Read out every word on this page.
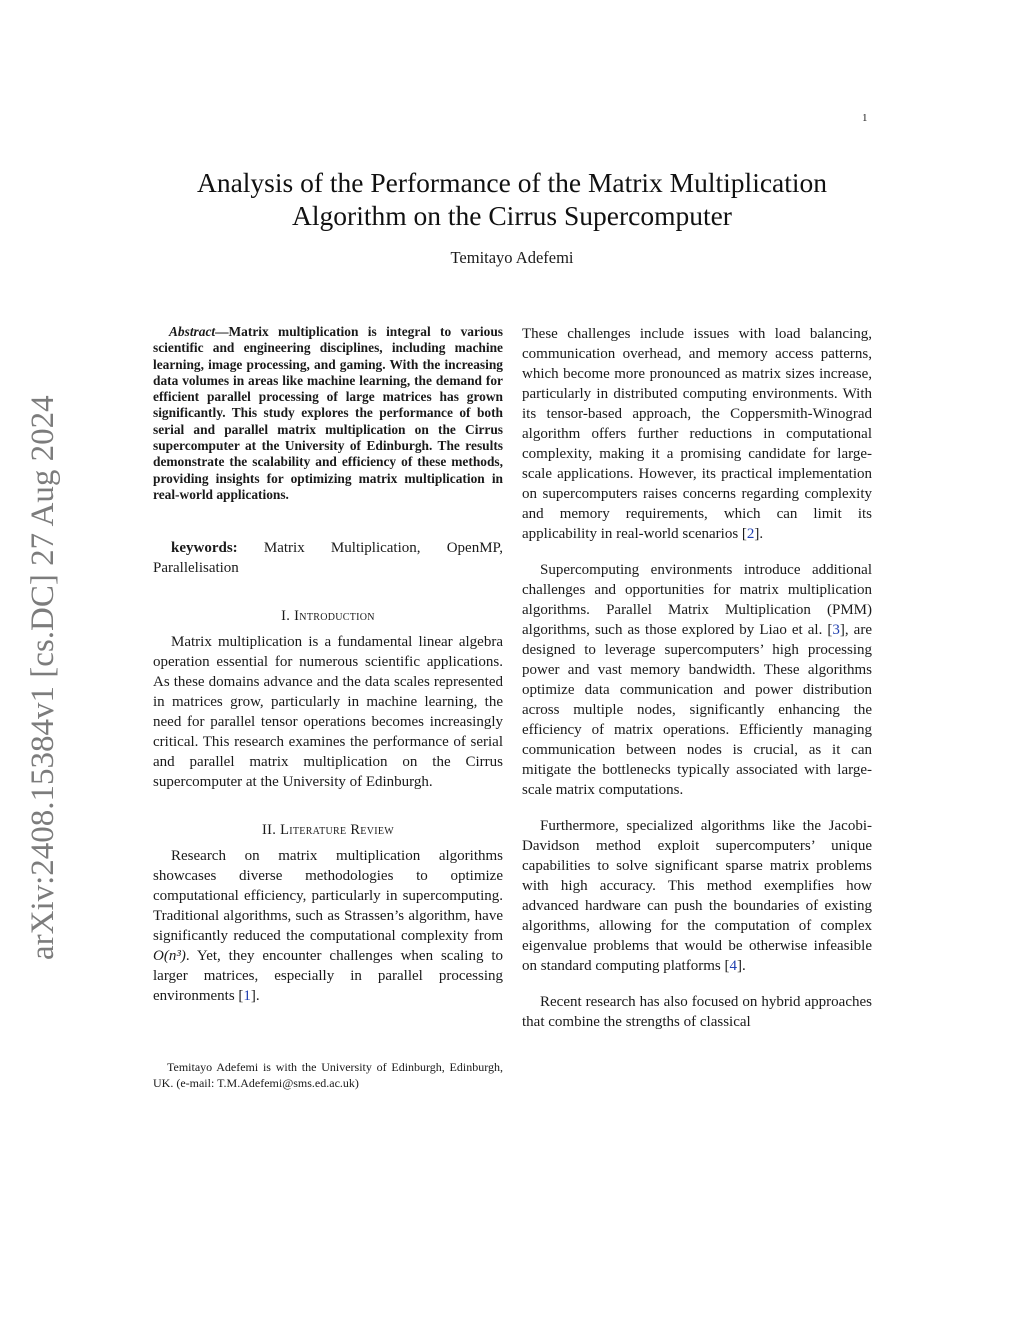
1
arXiv:2408.15384v1 [cs.DC] 27 Aug 2024
Analysis of the Performance of the Matrix Multiplication
Algorithm on the Cirrus Supercomputer
Temitayo Adefemi

Abstract—Matrix multiplication is integral to various scientific and engineering disciplines, including machine learning, image processing, and gaming. With the increasing data volumes in areas like machine learning, the demand for efficient parallel processing of large matrices has grown significantly. This study explores the performance of both serial and parallel matrix multiplication on the Cirrus supercomputer at the University of Edinburgh. The results demonstrate the scalability and efficiency of these methods, providing insights for optimizing matrix multiplication in real-world applications.

keywords: Matrix Multiplication, OpenMP, Parallelisation

I. Introduction

Matrix multiplication is a fundamental linear algebra operation essential for numerous scientific applications. As these domains advance and the data scales represented in matrices grow, particularly in machine learning, the need for parallel tensor operations becomes increasingly critical. This research examines the performance of serial and parallel matrix multiplication on the Cirrus supercomputer at the University of Edinburgh.

II. Literature Review

Research on matrix multiplication algorithms showcases diverse methodologies to optimize computational efficiency, particularly in supercomputing. Traditional algorithms, such as Strassen’s algorithm, have significantly reduced the computational complexity from O(n³). Yet, they encounter challenges when scaling to larger matrices, especially in parallel processing environments [1].

Temitayo Adefemi is with the University of Edinburgh, Edinburgh, UK. (e-mail: T.M.Adefemi@sms.ed.ac.uk)

These challenges include issues with load balancing, communication overhead, and memory access patterns, which become more pronounced as matrix sizes increase, particularly in distributed computing environments. With its tensor-based approach, the Coppersmith-Winograd algorithm offers further reductions in computational complexity, making it a promising candidate for large-scale applications. However, its practical implementation on supercomputers raises concerns regarding complexity and memory requirements, which can limit its applicability in real-world scenarios [2].

Supercomputing environments introduce additional challenges and opportunities for matrix multiplication algorithms. Parallel Matrix Multiplication (PMM) algorithms, such as those explored by Liao et al. [3], are designed to leverage supercomputers’ high processing power and vast memory bandwidth. These algorithms optimize data communication and power distribution across multiple nodes, significantly enhancing the efficiency of matrix operations. Efficiently managing communication between nodes is crucial, as it can mitigate the bottlenecks typically associated with large-scale matrix computations.

Furthermore, specialized algorithms like the Jacobi-Davidson method exploit supercomputers’ unique capabilities to solve significant sparse matrix problems with high accuracy. This method exemplifies how advanced hardware can push the boundaries of existing algorithms, allowing for the computation of complex eigenvalue problems that would be otherwise infeasible on standard computing platforms [4].

Recent research has also focused on hybrid approaches that combine the strengths of classical
